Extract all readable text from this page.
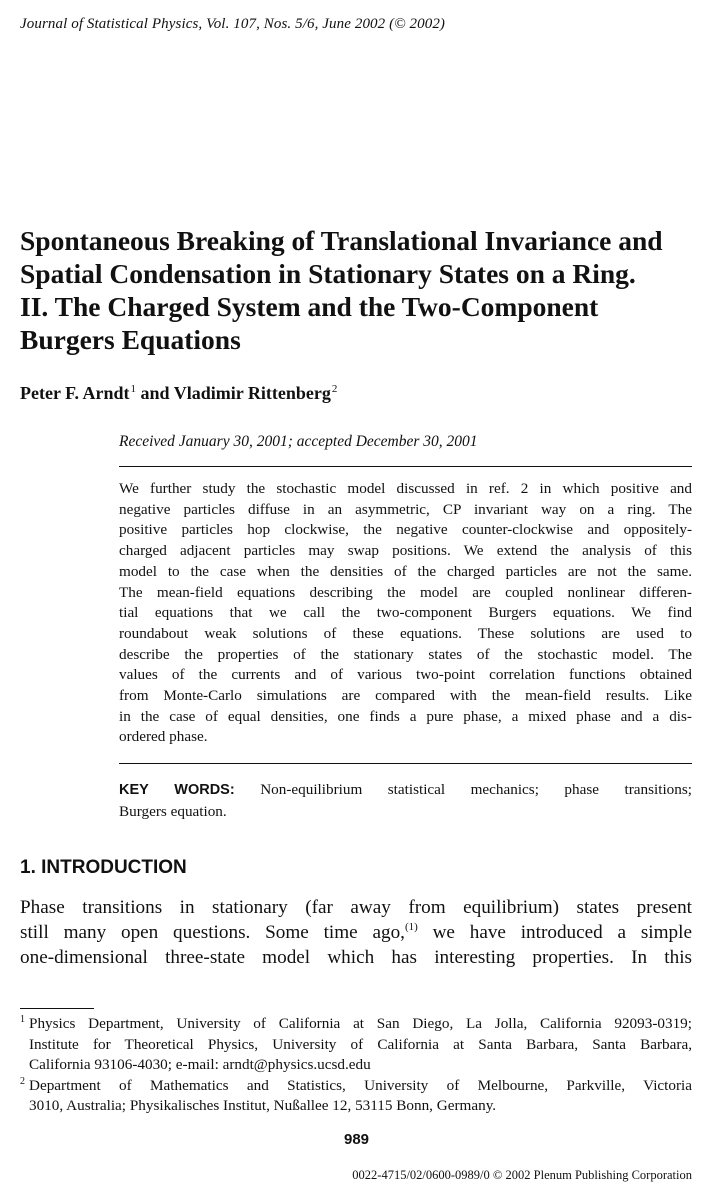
Journal of Statistical Physics, Vol. 107, Nos. 5/6, June 2002 (© 2002)
Spontaneous Breaking of Translational Invariance and
Spatial Condensation in Stationary States on a Ring.
II. The Charged System and the Two-Component
Burgers Equations
Peter F. Arndt$^1$ and Vladimir Rittenberg$^2$
Received January 30, 2001; accepted December 30, 2001
We further study the stochastic model discussed in ref. 2 in which positive and
negative particles diffuse in an asymmetric, CP invariant way on a ring. The
positive particles hop clockwise, the negative counter-clockwise and oppositely-
charged adjacent particles may swap positions. We extend the analysis of this
model to the case when the densities of the charged particles are not the same.
The mean-field equations describing the model are coupled nonlinear differen-
tial equations that we call the two-component Burgers equations. We find
roundabout weak solutions of these equations. These solutions are used to
describe the properties of the stationary states of the stochastic model. The
values of the currents and of various two-point correlation functions obtained
from Monte-Carlo simulations are compared with the mean-field results. Like
in the case of equal densities, one finds a pure phase, a mixed phase and a dis-
ordered phase.
KEY WORDS: Non-equilibrium statistical mechanics; phase transitions;
Burgers equation.
1. INTRODUCTION
Phase transitions in stationary (far away from equilibrium) states present
still many open questions. Some time ago,$^{(1)}$ we have introduced a simple
one-dimensional three-state model which has interesting properties. In this
1 Physics Department, University of California at San Diego, La Jolla, California 92093-0319;
Institute for Theoretical Physics, University of California at Santa Barbara, Santa Barbara,
California 93106-4030; e-mail: arndt@physics.ucsd.edu
2 Department of Mathematics and Statistics, University of Melbourne, Parkville, Victoria
3010, Australia; Physikalisches Institut, Nußallee 12, 53115 Bonn, Germany.
989
0022-4715/02/0600-0989/0 © 2002 Plenum Publishing Corporation
